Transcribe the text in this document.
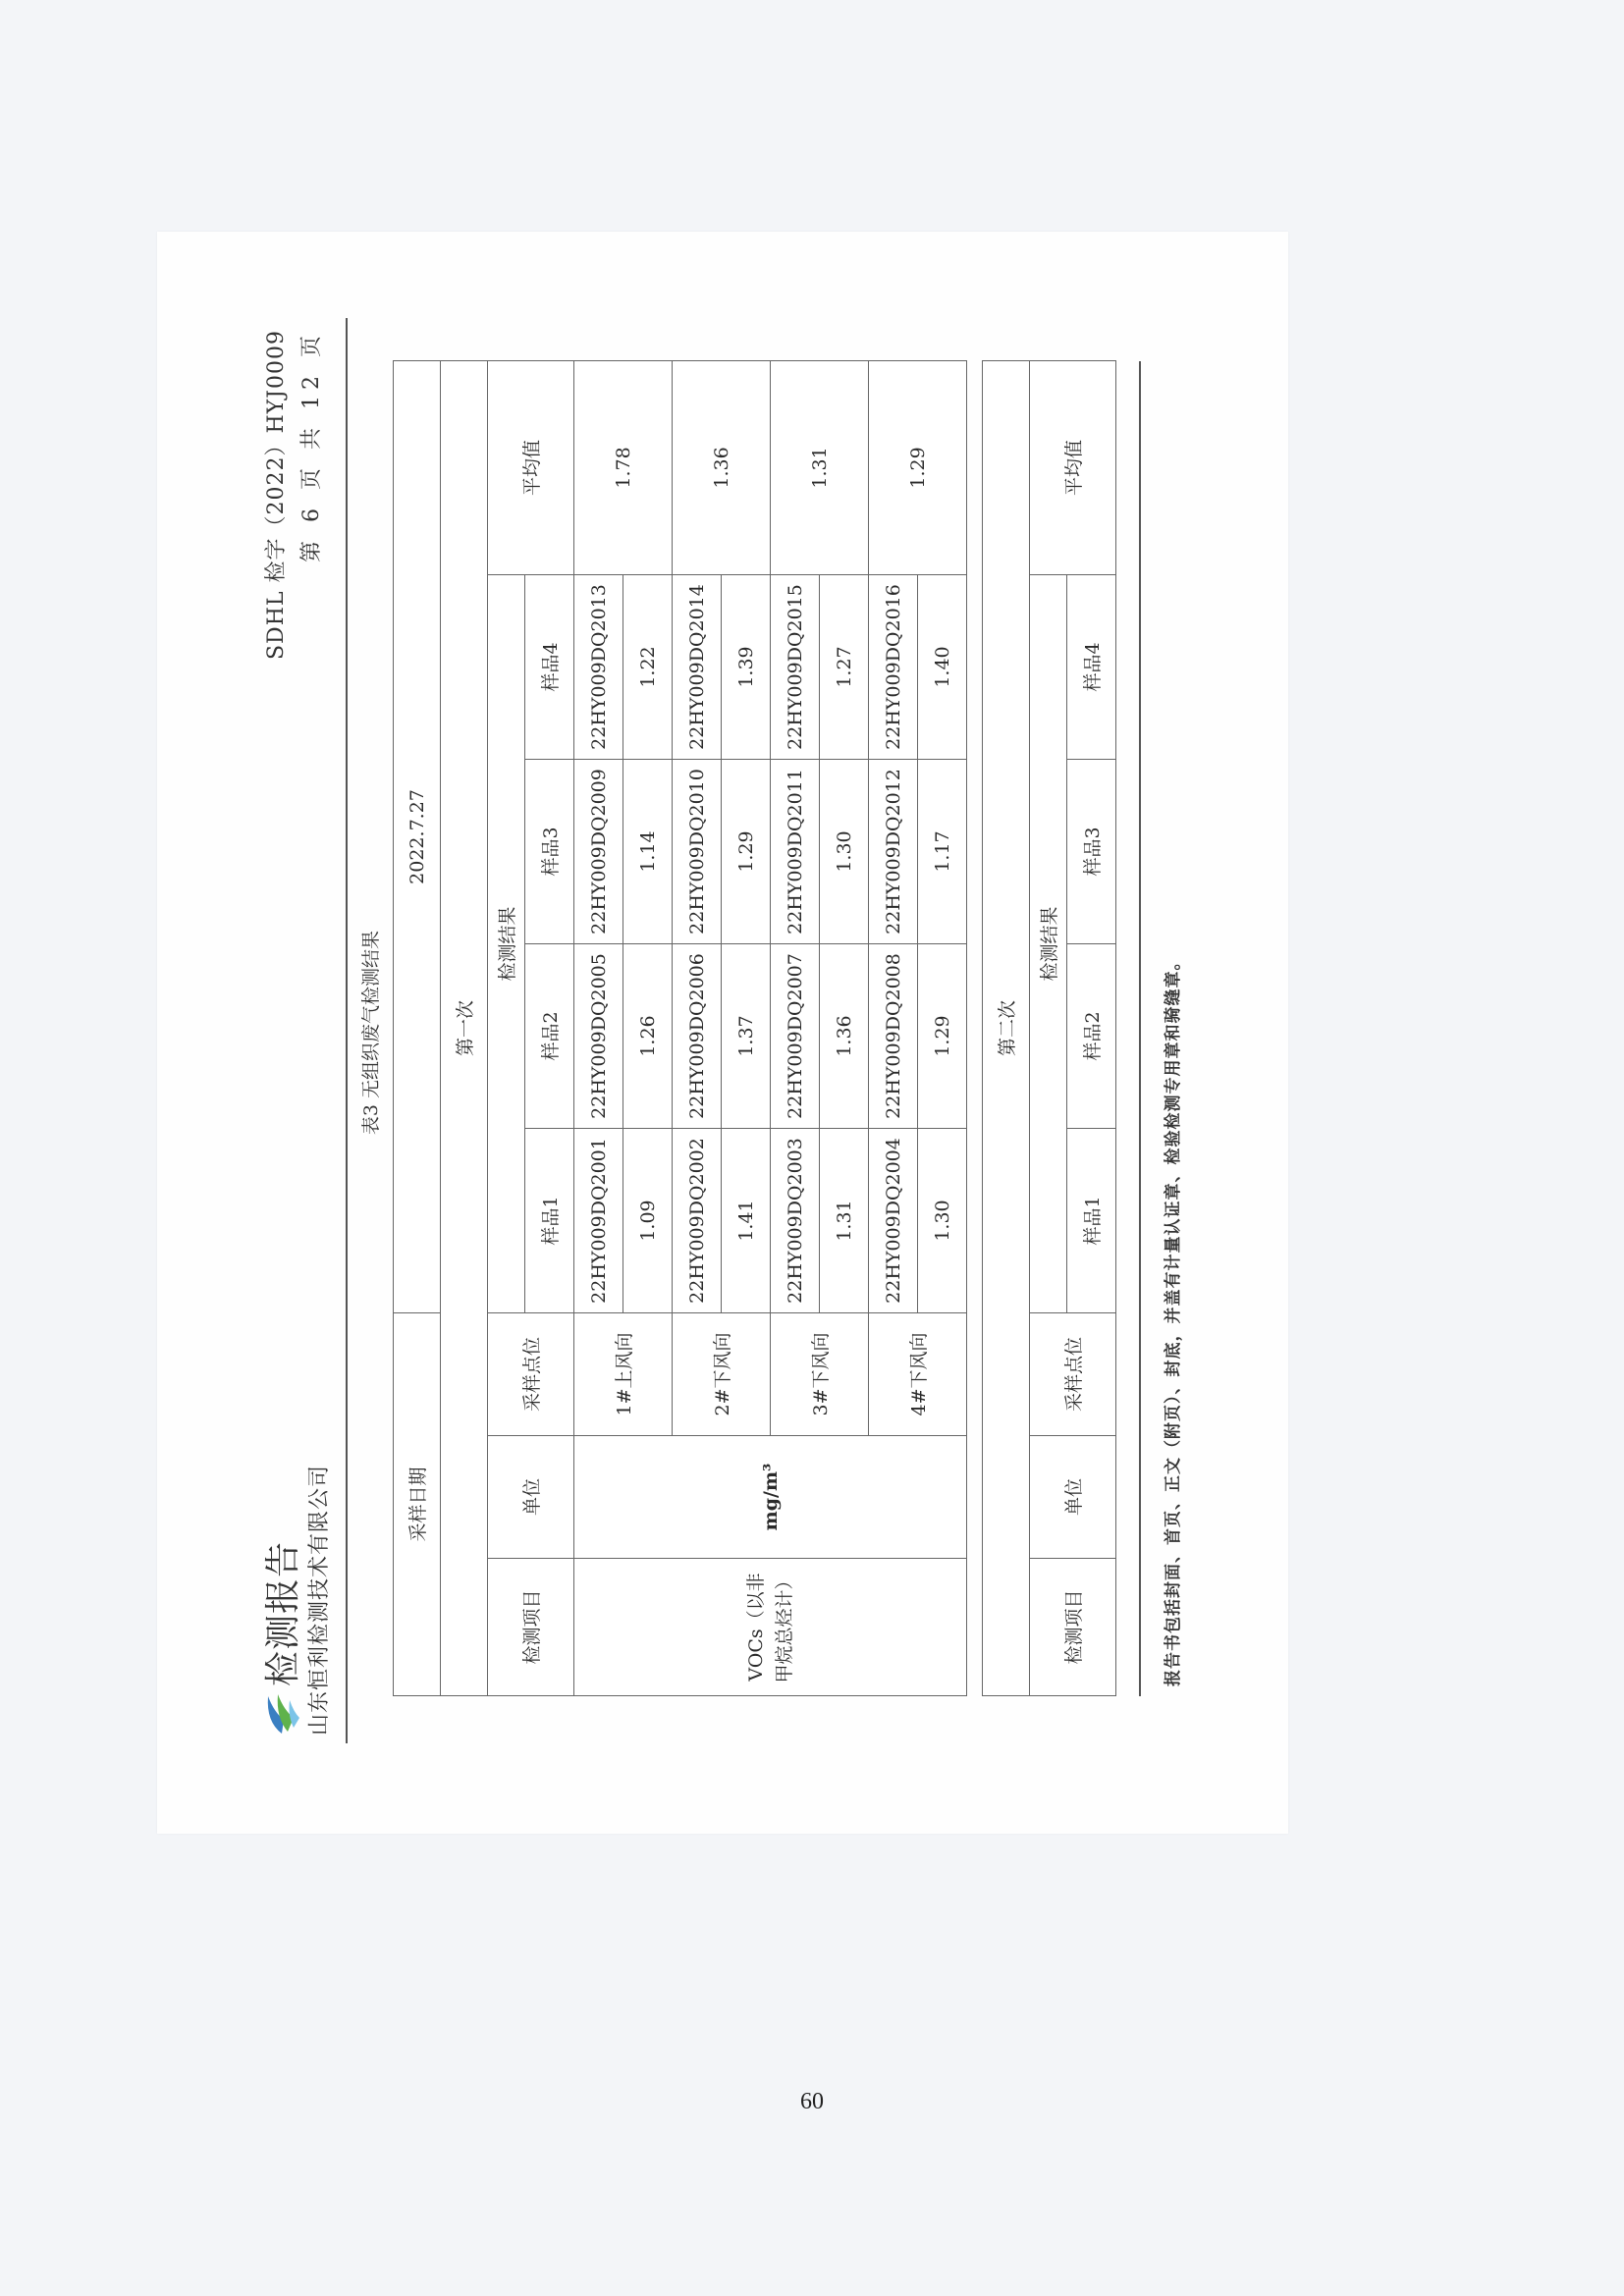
检测报告 山东恒利检测技术有限公司
SDHL 检字（2022）HYJ0009 第 6 页 共 12 页
表3 无组织废气检测结果
采样日期			2022.7.27				
第一次							
检测项目	单位	采样点位	检测结果				平均值
			样品1	样品2	样品3	样品4	
VOCs（以非甲烷总烃计）	mg/m³	1#上风向	22HY009DQ2001	22HY009DQ2005	22HY009DQ2009	22HY009DQ2013	1.78
			1.09	1.26	1.14	1.22	
		2#下风向	22HY009DQ2002	22HY009DQ2006	22HY009DQ2010	22HY009DQ2014	1.36
			1.41	1.37	1.29	1.39	
		3#下风向	22HY009DQ2003	22HY009DQ2007	22HY009DQ2011	22HY009DQ2015	1.31
			1.31	1.36	1.30	1.27	
		4#下风向	22HY009DQ2004	22HY009DQ2008	22HY009DQ2012	22HY009DQ2016	1.29
			1.30	1.29	1.17	1.40	
第二次							
检测项目	单位	采样点位	检测结果				平均值
			样品1	样品2	样品3	样品4	
报告书包括封面、首页、正文（附页）、封底，并盖有计量认证章、检验检测专用章和骑缝章。
60
